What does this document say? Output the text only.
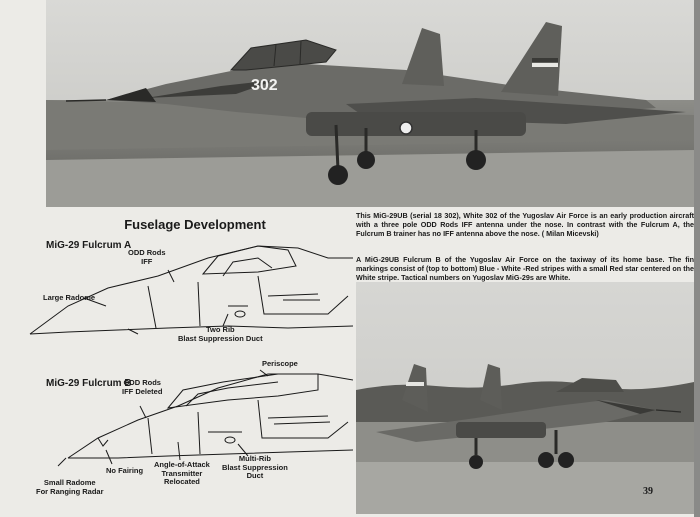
302
Fuselage Development
MiG-29 Fulcrum A
ODD Rods
IFF
Large Radome
Two Rib
Blast Suppression Duct
MiG-29 Fulcrum B
Periscope
ODD Rods
IFF Deleted
Small Radome
For Ranging Radar
No Fairing
Angle-of-Attack
Transmitter
Relocated
Multi-Rib
Blast Suppression
Duct
This MiG-29UB (serial 18 302), White 302 of the Yugoslav Air Force is an early production aircraft with a three pole ODD Rods IFF antenna under the nose. In contrast with the Fulcrum A, the Fulcrum B trainer has no IFF antenna above the nose. ( Milan Micevski)
A MiG-29UB Fulcrum B of the Yugoslav Air Force on the taxiway of its home base. The fin markings consist of (top to bottom) Blue - White -Red stripes with a small Red star centered on the White stripe. Tactical numbers on Yugoslav MiG-29s are White.
39
